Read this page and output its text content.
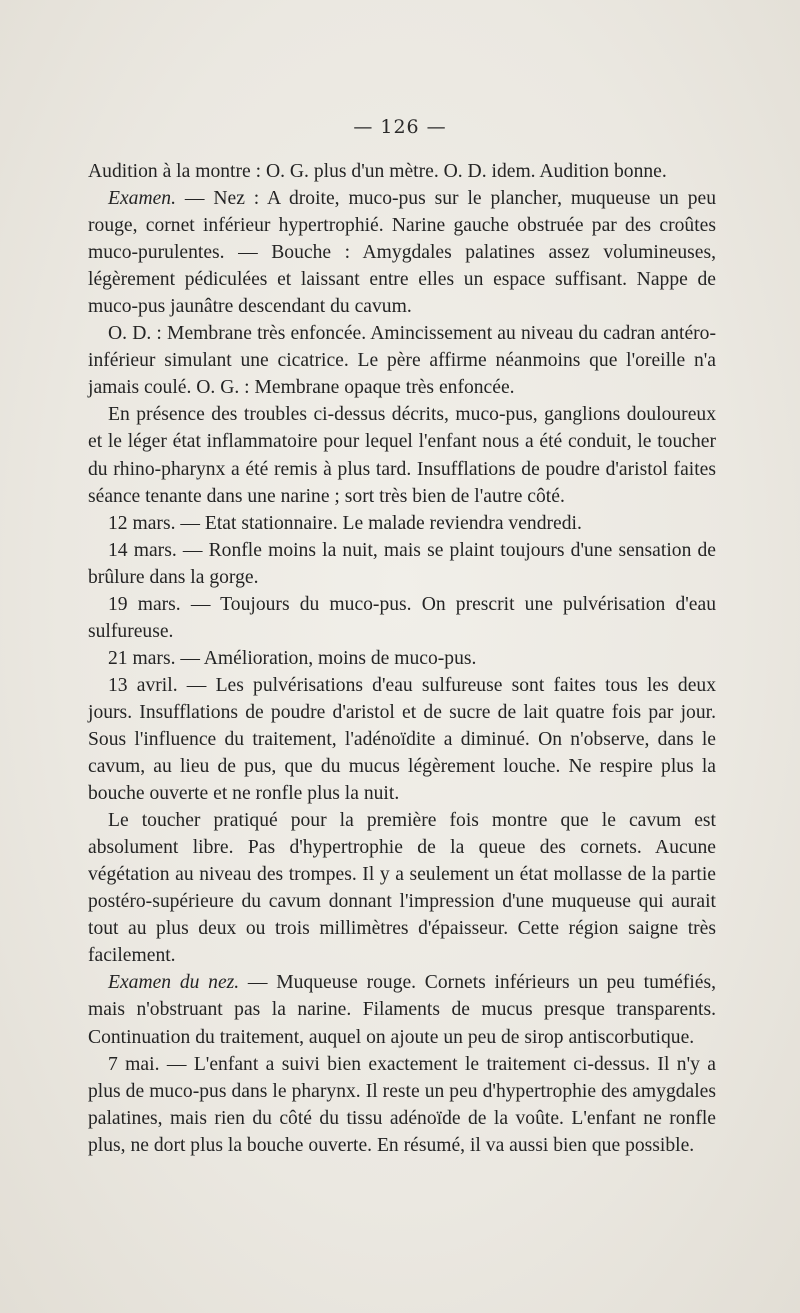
— 126 —

Audition à la montre : O. G. plus d'un mètre. O. D. idem. Audition bonne.

Examen. — Nez : A droite, muco-pus sur le plancher, muqueuse un peu rouge, cornet inférieur hypertrophié. Narine gauche obstruée par des croûtes muco-purulentes. — Bouche : Amygdales palatines assez volumineuses, légèrement pédiculées et laissant entre elles un espace suffisant. Nappe de muco-pus jaunâtre descendant du cavum.

O. D. : Membrane très enfoncée. Amincissement au niveau du cadran antéro-inférieur simulant une cicatrice. Le père affirme néanmoins que l'oreille n'a jamais coulé. O. G. : Membrane opaque très enfoncée.

En présence des troubles ci-dessus décrits, muco-pus, ganglions douloureux et le léger état inflammatoire pour lequel l'enfant nous a été conduit, le toucher du rhino-pharynx a été remis à plus tard. Insufflations de poudre d'aristol faites séance tenante dans une narine ; sort très bien de l'autre côté.

12 mars. — Etat stationnaire. Le malade reviendra vendredi.

14 mars. — Ronfle moins la nuit, mais se plaint toujours d'une sensation de brûlure dans la gorge.

19 mars. — Toujours du muco-pus. On prescrit une pulvérisation d'eau sulfureuse.

21 mars. — Amélioration, moins de muco-pus.

13 avril. — Les pulvérisations d'eau sulfureuse sont faites tous les deux jours. Insufflations de poudre d'aristol et de sucre de lait quatre fois par jour. Sous l'influence du traitement, l'adénoïdite a diminué. On n'observe, dans le cavum, au lieu de pus, que du mucus légèrement louche. Ne respire plus la bouche ouverte et ne ronfle plus la nuit.

Le toucher pratiqué pour la première fois montre que le cavum est absolument libre. Pas d'hypertrophie de la queue des cornets. Aucune végétation au niveau des trompes. Il y a seulement un état mollasse de la partie postéro-supérieure du cavum donnant l'impression d'une muqueuse qui aurait tout au plus deux ou trois millimètres d'épaisseur. Cette région saigne très facilement.

Examen du nez. — Muqueuse rouge. Cornets inférieurs un peu tuméfiés, mais n'obstruant pas la narine. Filaments de mucus presque transparents. Continuation du traitement, auquel on ajoute un peu de sirop antiscorbutique.

7 mai. — L'enfant a suivi bien exactement le traitement ci-dessus. Il n'y a plus de muco-pus dans le pharynx. Il reste un peu d'hypertrophie des amygdales palatines, mais rien du côté du tissu adénoïde de la voûte. L'enfant ne ronfle plus, ne dort plus la bouche ouverte. En résumé, il va aussi bien que possible.
